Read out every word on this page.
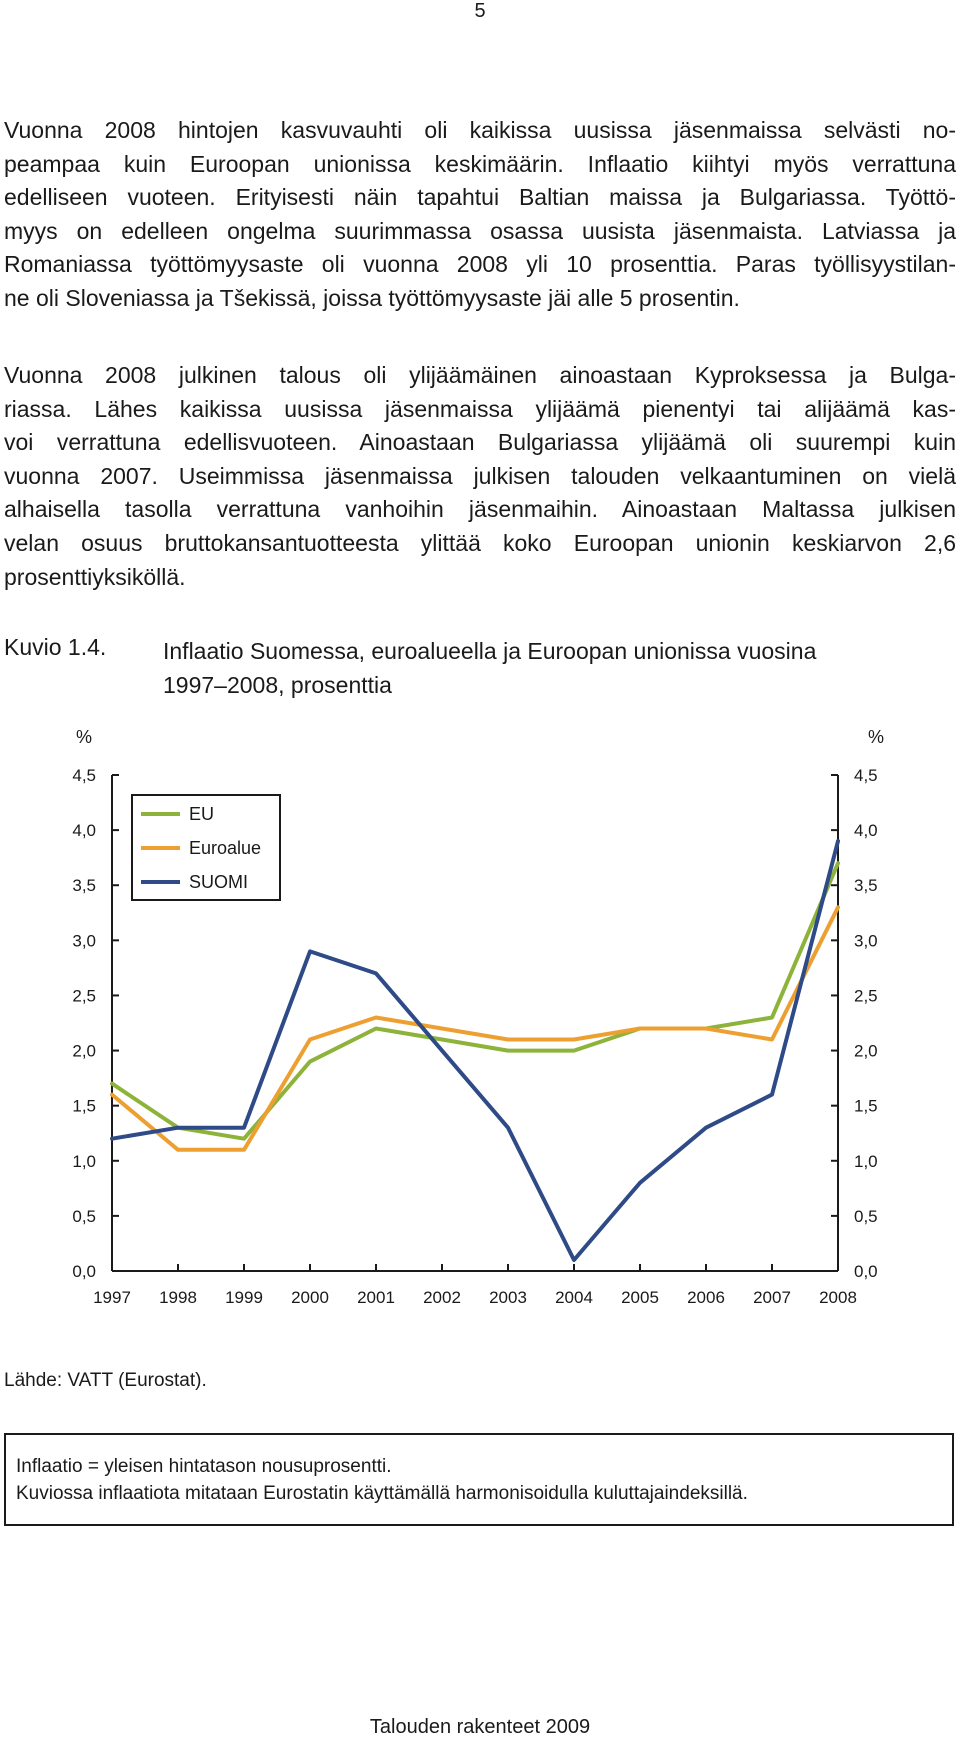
5
Vuonna 2008 hintojen kasvuvauhti oli kaikissa uusissa jäsenmaissa selvästi no-
peampaa kuin Euroopan unionissa keskimäärin. Inflaatio kiihtyi myös verrattuna
edelliseen vuoteen. Erityisesti näin tapahtui Baltian maissa ja Bulgariassa. Työttö-
myys on edelleen ongelma suurimmassa osassa uusista jäsenmaista. Latviassa ja
Romaniassa työttömyysaste oli vuonna 2008 yli 10 prosenttia. Paras työllisyystilan-
ne oli Sloveniassa ja Tšekissä, joissa työttömyysaste jäi alle 5 prosentin.
Vuonna 2008 julkinen talous oli ylijäämäinen ainoastaan Kyproksessa ja Bulga-
riassa. Lähes kaikissa uusissa jäsenmaissa ylijäämä pienentyi tai alijäämä kas-
voi verrattuna edellisvuoteen. Ainoastaan Bulgariassa ylijäämä oli suurempi kuin
vuonna 2007. Useimmissa jäsenmaissa julkisen talouden velkaantuminen on vielä
alhaisella tasolla verrattuna vanhoihin jäsenmaihin. Ainoastaan Maltassa julkisen
velan osuus bruttokansantuotteesta ylittää koko Euroopan unionin keskiarvon 2,6
prosenttiyksiköllä.
Kuvio 1.4. Inflaatio Suomessa, euroalueella ja Euroopan unionissa vuosina
1997–2008, prosenttia
%	%
0,0	0,0
0,5	0,5
1,0	1,0
1,5	1,5
2,0	2,0
2,5	2,5
3,0	3,0
3,5	3,5
4,0	4,0
4,5	4,5
1997 1998 1999 2000 2001 2002 2003 2004 2005 2006 2007 2008
EU
Euroalue
SUOMI
Lähde: VATT (Eurostat).
Inflaatio = yleisen hintatason nousuprosentti.
Kuviossa inflaatiota mitataan Eurostatin käyttämällä harmonisoidulla kuluttajaindeksillä.
Talouden rakenteet 2009
